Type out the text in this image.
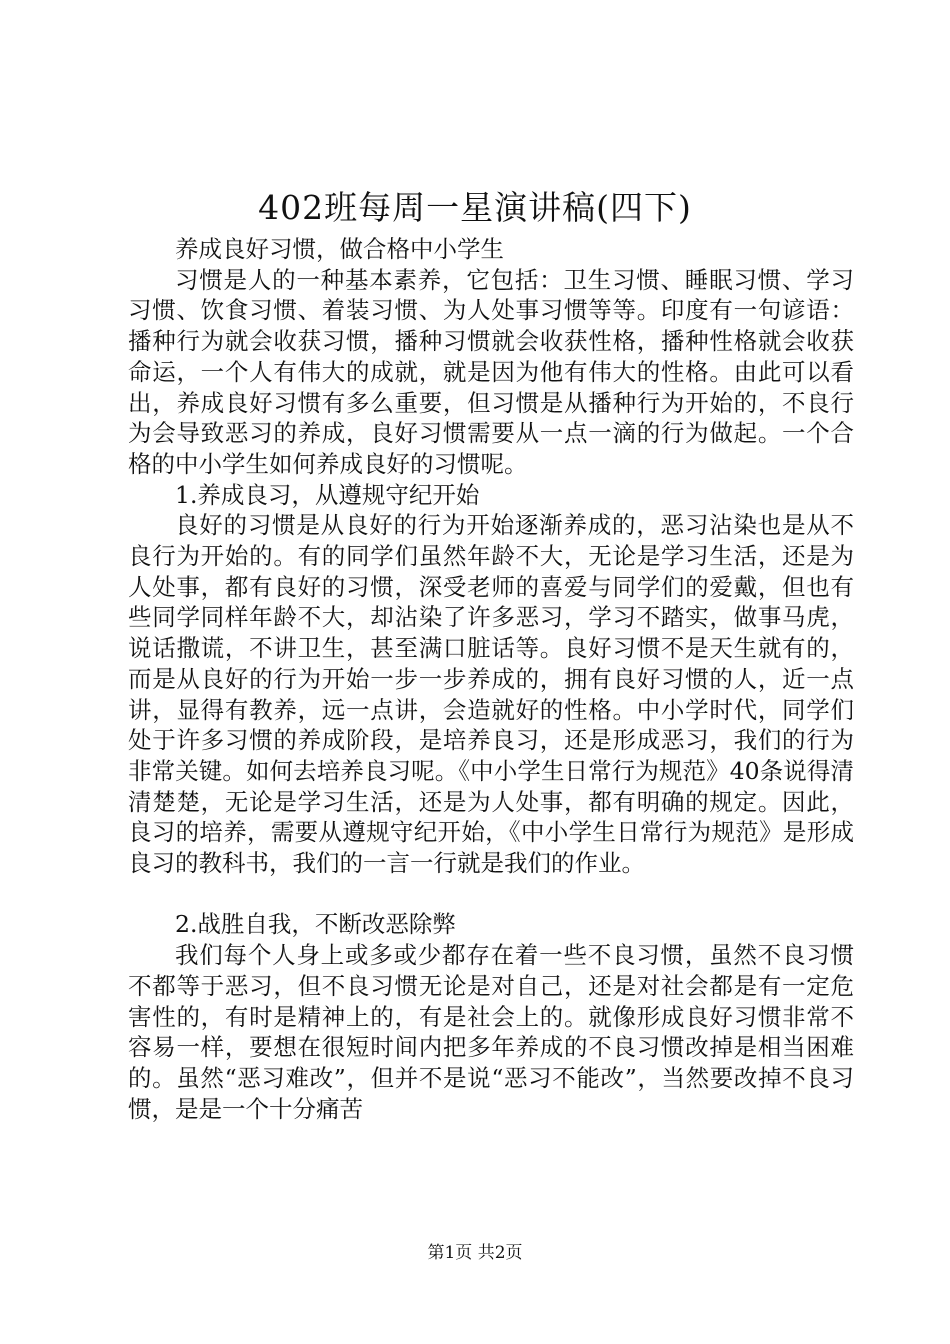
402班每周一星演讲稿(四下)

养成良好习惯，做合格中小学生

习惯是人的一种基本素养，它包括：卫生习惯、睡眠习惯、学习习惯、饮食习惯、着装习惯、为人处事习惯等等。印度有一句谚语：播种行为就会收获习惯，播种习惯就会收获性格，播种性格就会收获命运，一个人有伟大的成就，就是因为他有伟大的性格。由此可以看出，养成良好习惯有多么重要，但习惯是从播种行为开始的，不良行为会导致恶习的养成，良好习惯需要从一点一滴的行为做起。一个合格的中小学生如何养成良好的习惯呢。

1.养成良习，从遵规守纪开始

良好的习惯是从良好的行为开始逐渐养成的，恶习沾染也是从不良行为开始的。有的同学们虽然年龄不大，无论是学习生活，还是为人处事，都有良好的习惯，深受老师的喜爱与同学们的爱戴，但也有些同学同样年龄不大，却沾染了许多恶习，学习不踏实，做事马虎，说话撒谎，不讲卫生，甚至满口脏话等。良好习惯不是天生就有的，而是从良好的行为开始一步一步养成的，拥有良好习惯的人，近一点讲，显得有教养，远一点讲，会造就好的性格。中小学时代，同学们处于许多习惯的养成阶段，是培养良习，还是形成恶习，我们的行为非常关键。如何去培养良习呢。《中小学生日常行为规范》40条说得清清楚楚，无论是学习生活，还是为人处事，都有明确的规定。因此，良习的培养，需要从遵规守纪开始，《中小学生日常行为规范》是形成良习的教科书，我们的一言一行就是我们的作业。

2.战胜自我，不断改恶除弊

我们每个人身上或多或少都存在着一些不良习惯，虽然不良习惯不都等于恶习，但不良习惯无论是对自己，还是对社会都是有一定危害性的，有时是精神上的，有是社会上的。就像形成良好习惯非常不容易一样，要想在很短时间内把多年养成的不良习惯改掉是相当困难的。虽然“恶习难改”，但并不是说“恶习不能改”，当然要改掉不良习惯，是是一个十分痛苦

第1页 共2页
